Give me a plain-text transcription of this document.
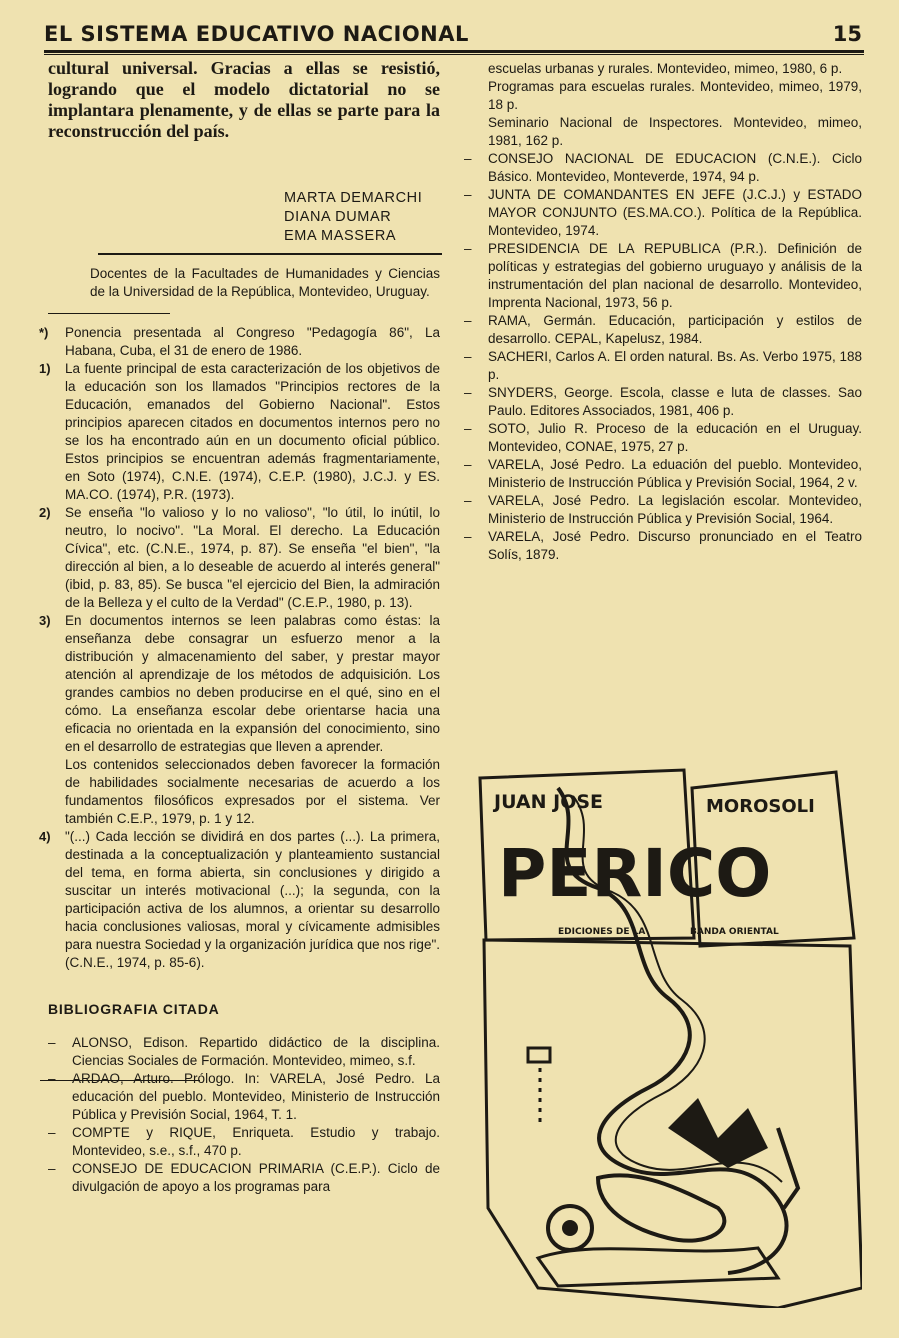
EL SISTEMA EDUCATIVO NACIONAL	15

cultural universal. Gracias a ellas se resistió, logrando que el modelo dictatorial no se implantara plenamente, y de ellas se parte para la reconstrucción del país.

MARTA DEMARCHI
DIANA DUMAR
EMA MASSERA
Docentes de la Facultades de Humanidades y Ciencias de la Universidad de la República, Montevideo, Uruguay.
*) Ponencia presentada al Congreso "Pedagogía 86", La Habana, Cuba, el 31 de enero de 1986.
1) La fuente principal de esta caracterización de los objetivos de la educación son los llamados "Principios rectores de la Educación, emanados del Gobierno Nacional". Estos principios aparecen citados en documentos internos pero no se los ha encontrado aún en un documento oficial público. Estos principios se encuentran además fragmentariamente, en Soto (1974), C.N.E. (1974), C.E.P. (1980), J.C.J. y ES. MA.CO. (1974), P.R. (1973).
2) Se enseña "lo valioso y lo no valioso", "lo útil, lo inútil, lo neutro, lo nocivo". "La Moral. El derecho. La Educación Cívica", etc. (C.N.E., 1974, p. 87). Se enseña "el bien", "la dirección al bien, a lo deseable de acuerdo al interés general" (ibid, p. 83, 85). Se busca "el ejercicio del Bien, la admiración de la Belleza y el culto de la Verdad" (C.E.P., 1980, p. 13).
3) En documentos internos se leen palabras como éstas: la enseñanza debe consagrar un esfuerzo menor a la distribución y almacenamiento del saber, y prestar mayor atención al aprendizaje de los métodos de adquisición. Los grandes cambios no deben producirse en el qué, sino en el cómo. La enseñanza escolar debe orientarse hacia una eficacia no orientada en la expansión del conocimiento, sino en el desarrollo de estrategias que lleven a aprender.
Los contenidos seleccionados deben favorecer la formación de habilidades socialmente necesarias de acuerdo a los fundamentos filosóficos expresados por el sistema. Ver también C.E.P., 1979, p. 1 y 12.
4) "(...) Cada lección se dividirá en dos partes (...). La primera, destinada a la conceptualización y planteamiento sustancial del tema, en forma abierta, sin conclusiones y dirigido a suscitar un interés motivacional (...); la segunda, con la participación activa de los alumnos, a orientar su desarrollo hacia conclusiones valiosas, moral y cívicamente admisibles para nuestra Sociedad y la organización jurídica que nos rige". (C.N.E., 1974, p. 85-6).
BIBLIOGRAFIA CITADA
– ALONSO, Edison. Repartido didáctico de la disciplina. Ciencias Sociales de Formación. Montevideo, mimeo, s.f.
– ARDAO, Arturo. Prólogo. In: VARELA, José Pedro. La educación del pueblo. Montevideo, Ministerio de Instrucción Pública y Previsión Social, 1964, T. 1.
– COMPTE y RIQUE, Enriqueta. Estudio y trabajo. Montevideo, s.e., s.f., 470 p.
– CONSEJO DE EDUCACION PRIMARIA (C.E.P.). Ciclo de divulgación de apoyo a los programas para
escuelas urbanas y rurales. Montevideo, mimeo, 1980, 6 p.
Programas para escuelas rurales. Montevideo, mimeo, 1979, 18 p.
Seminario Nacional de Inspectores. Montevideo, mimeo, 1981, 162 p.
– CONSEJO NACIONAL DE EDUCACION (C.N.E.). Ciclo Básico. Montevideo, Monteverde, 1974, 94 p.
– JUNTA DE COMANDANTES EN JEFE (J.C.J.) y ESTADO MAYOR CONJUNTO (ES.MA.CO.). Política de la República. Montevideo, 1974.
– PRESIDENCIA DE LA REPUBLICA (P.R.). Definición de políticas y estrategias del gobierno uruguayo y análisis de la instrumentación del plan nacional de desarrollo. Montevideo, Imprenta Nacional, 1973, 56 p.
– RAMA, Germán. Educación, participación y estilos de desarrollo. CEPAL, Kapelusz, 1984.
– SACHERI, Carlos A. El orden natural. Bs. As. Verbo 1975, 188 p.
– SNYDERS, George. Escola, classe e luta de classes. Sao Paulo. Editores Associados, 1981, 406 p.
– SOTO, Julio R. Proceso de la educación en el Uruguay. Montevideo, CONAE, 1975, 27 p.
– VARELA, José Pedro. La eduación del pueblo. Montevideo, Ministerio de Instrucción Pública y Previsión Social, 1964, 2 v.
– VARELA, José Pedro. La legislación escolar. Montevideo, Ministerio de Instrucción Pública y Previsión Social, 1964.
– VARELA, José Pedro. Discurso pronunciado en el Teatro Solís, 1879.
JUAN JOSE	MOROSOLI
PERICO
EDICIONES DE LA	BANDA ORIENTAL
